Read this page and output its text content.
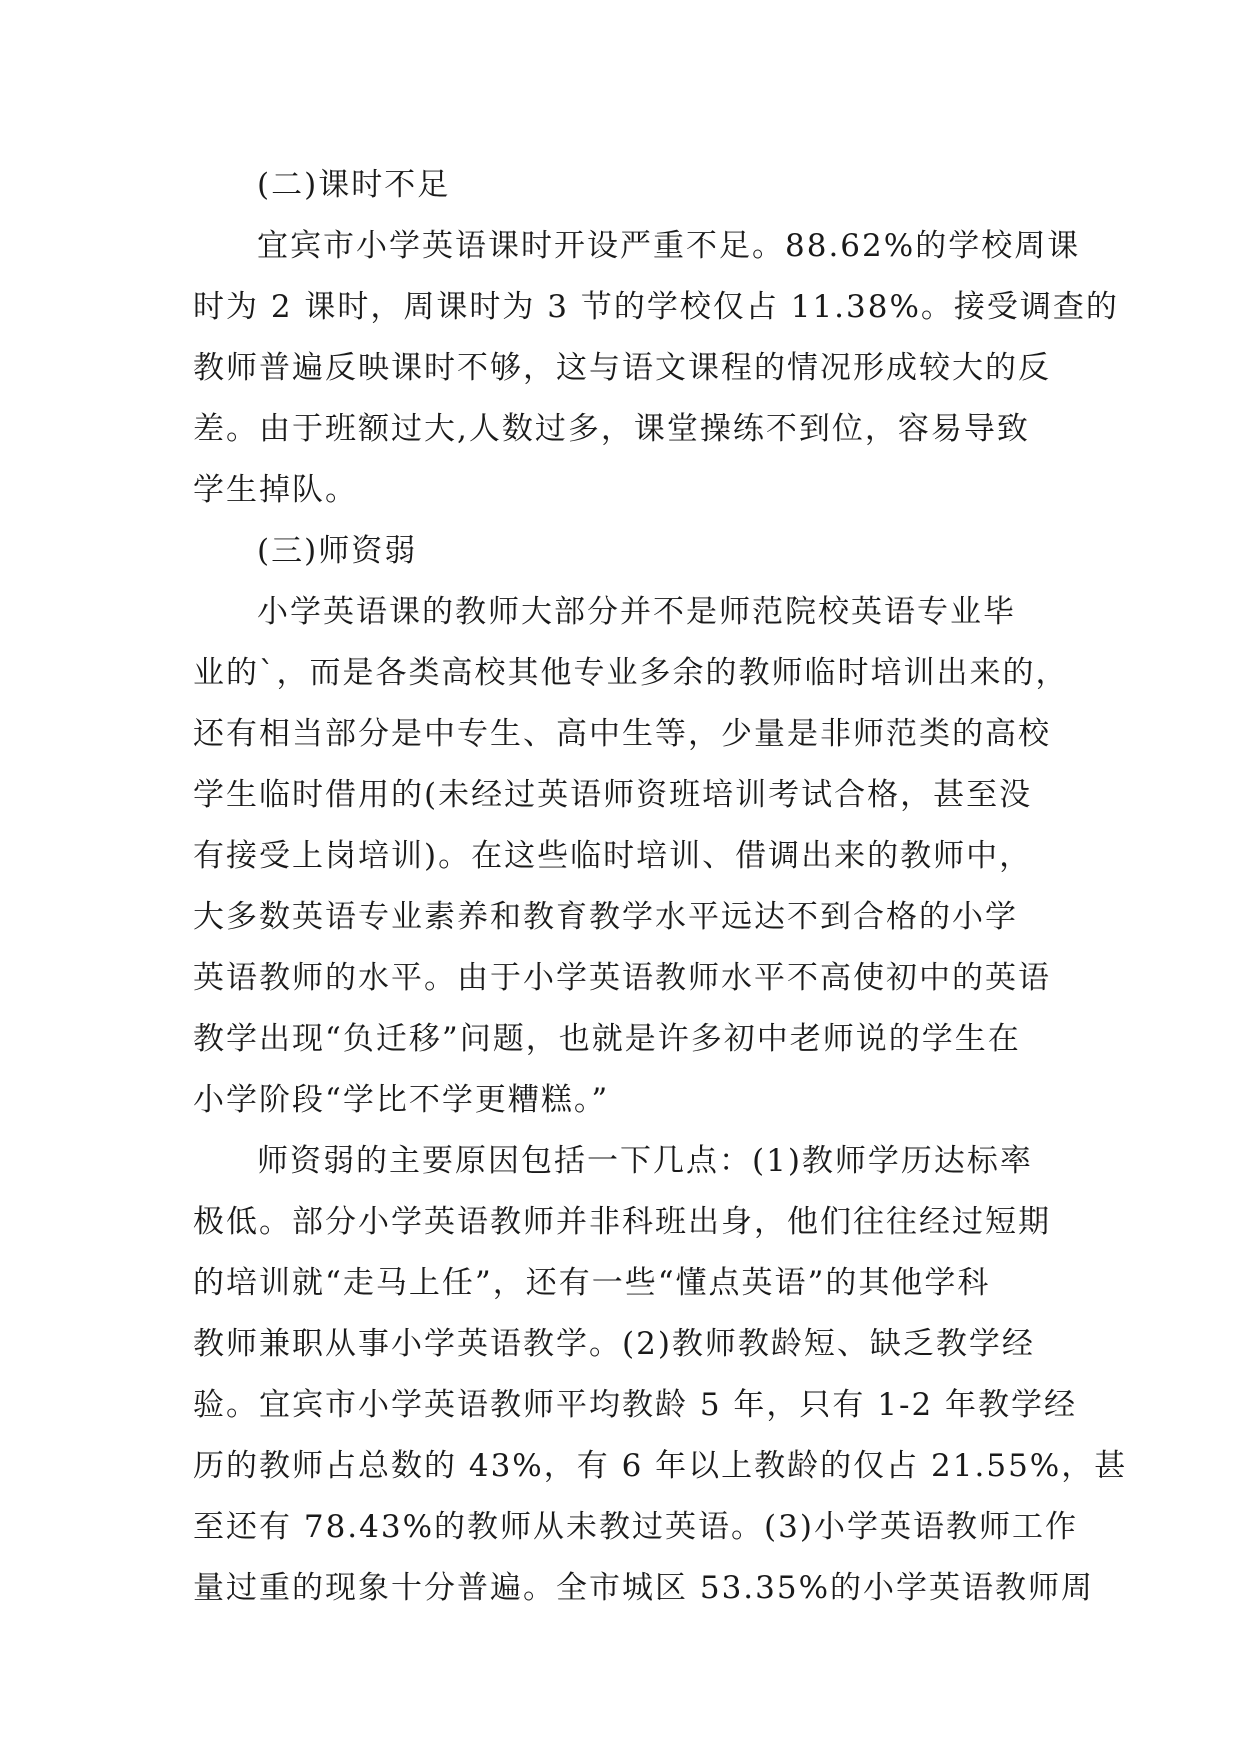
(二)课时不足
宜宾市小学英语课时开设严重不足。88.62%的学校周课
时为 2 课时，周课时为 3 节的学校仅占 11.38%。接受调查的
教师普遍反映课时不够，这与语文课程的情况形成较大的反
差。由于班额过大,人数过多，课堂操练不到位，容易导致
学生掉队。
(三)师资弱
小学英语课的教师大部分并不是师范院校英语专业毕
业的`，而是各类高校其他专业多余的教师临时培训出来的，
还有相当部分是中专生、高中生等，少量是非师范类的高校
学生临时借用的(未经过英语师资班培训考试合格，甚至没
有接受上岗培训)。在这些临时培训、借调出来的教师中，
大多数英语专业素养和教育教学水平远达不到合格的小学
英语教师的水平。由于小学英语教师水平不高使初中的英语
教学出现“负迁移”问题，也就是许多初中老师说的学生在
小学阶段“学比不学更糟糕。”
师资弱的主要原因包括一下几点：(1)教师学历达标率
极低。部分小学英语教师并非科班出身，他们往往经过短期
的培训就“走马上任”，还有一些“懂点英语”的其他学科
教师兼职从事小学英语教学。(2)教师教龄短、缺乏教学经
验。宜宾市小学英语教师平均教龄 5 年，只有 1-2 年教学经
历的教师占总数的 43%，有 6 年以上教龄的仅占 21.55%，甚
至还有 78.43%的教师从未教过英语。(3)小学英语教师工作
量过重的现象十分普遍。全市城区 53.35%的小学英语教师周
